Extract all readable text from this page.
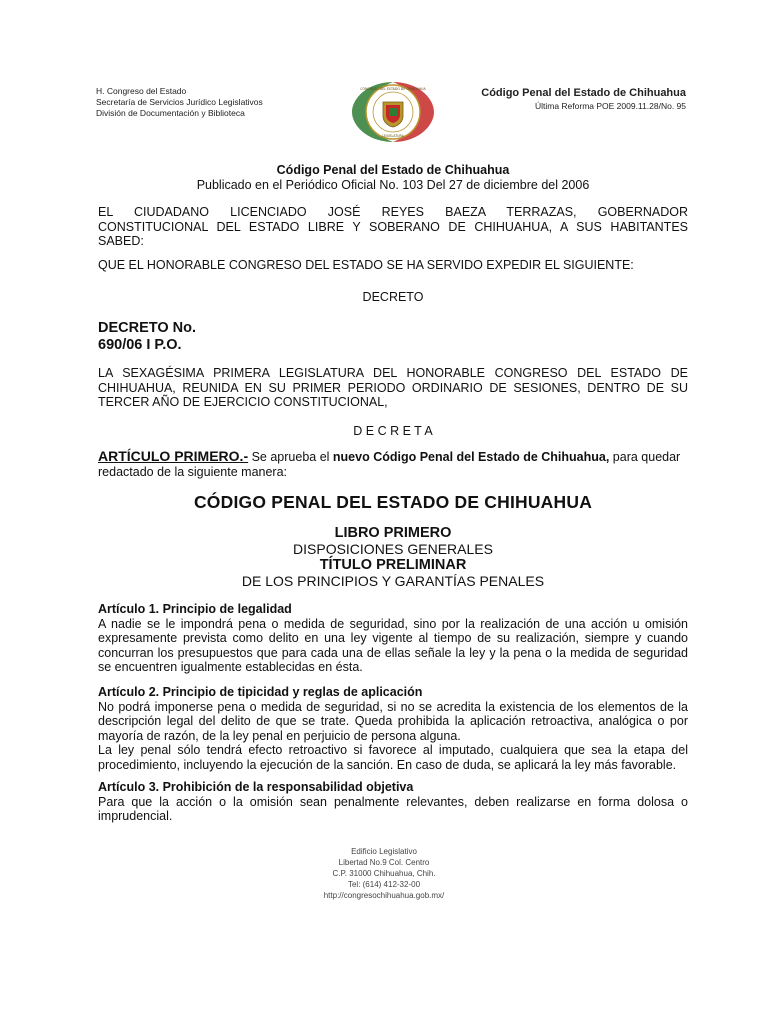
H. Congreso del Estado
Secretaría de Servicios Jurídico Legislativos
División de Documentación y Biblioteca
CONGRESO DEL ESTADO DE CHIHUAHUA
LEGISLATURA
Código Penal del Estado de Chihuahua
Última Reforma POE 2009.11.28/No. 95
Código Penal del Estado de Chihuahua
Publicado en el Periódico Oficial No. 103 Del 27 de diciembre del 2006
EL CIUDADANO LICENCIADO JOSÉ REYES BAEZA TERRAZAS, GOBERNADOR
CONSTITUCIONAL DEL ESTADO LIBRE Y SOBERANO DE CHIHUAHUA, A SUS HABITANTES
SABED:
QUE EL HONORABLE CONGRESO DEL ESTADO SE HA SERVIDO EXPEDIR EL SIGUIENTE:
DECRETO
DECRETO No.
690/06 I P.O.
LA SEXAGÉSIMA PRIMERA LEGISLATURA DEL HONORABLE CONGRESO DEL ESTADO DE
CHIHUAHUA, REUNIDA EN SU PRIMER PERIODO ORDINARIO DE SESIONES, DENTRO DE SU
TERCER AÑO DE EJERCICIO CONSTITUCIONAL,
D E C R E T A
ARTÍCULO PRIMERO.- Se aprueba el nuevo Código Penal del Estado de Chihuahua, para quedar
redactado de la siguiente manera:
CÓDIGO PENAL DEL ESTADO DE CHIHUAHUA
LIBRO PRIMERO
DISPOSICIONES GENERALES
TÍTULO PRELIMINAR
DE LOS PRINCIPIOS Y GARANTÍAS PENALES
Artículo 1. Principio de legalidad
A nadie se le impondrá pena o medida de seguridad, sino por la realización de una acción u omisión
expresamente prevista como delito en una ley vigente al tiempo de su realización, siempre y cuando
concurran los presupuestos que para cada una de ellas señale la ley y la pena o la medida de seguridad
se encuentren igualmente establecidas en ésta.
Artículo 2. Principio de tipicidad y reglas de aplicación
No podrá imponerse pena o medida de seguridad, si no se acredita la existencia de los elementos de la
descripción legal del delito de que se trate. Queda prohibida la aplicación retroactiva, analógica o por
mayoría de razón, de la ley penal en perjuicio de persona alguna.
La ley penal sólo tendrá efecto retroactivo si favorece al imputado, cualquiera que sea la etapa del
procedimiento, incluyendo la ejecución de la sanción. En caso de duda, se aplicará la ley más favorable.
Artículo 3. Prohibición de la responsabilidad objetiva
Para que la acción o la omisión sean penalmente relevantes, deben realizarse en forma dolosa o
imprudencial.
Edificio Legislativo
Libertad No.9 Col. Centro
C.P. 31000 Chihuahua, Chih.
Tel: (614) 412-32-00
http://congresochihuahua.gob.mx/
